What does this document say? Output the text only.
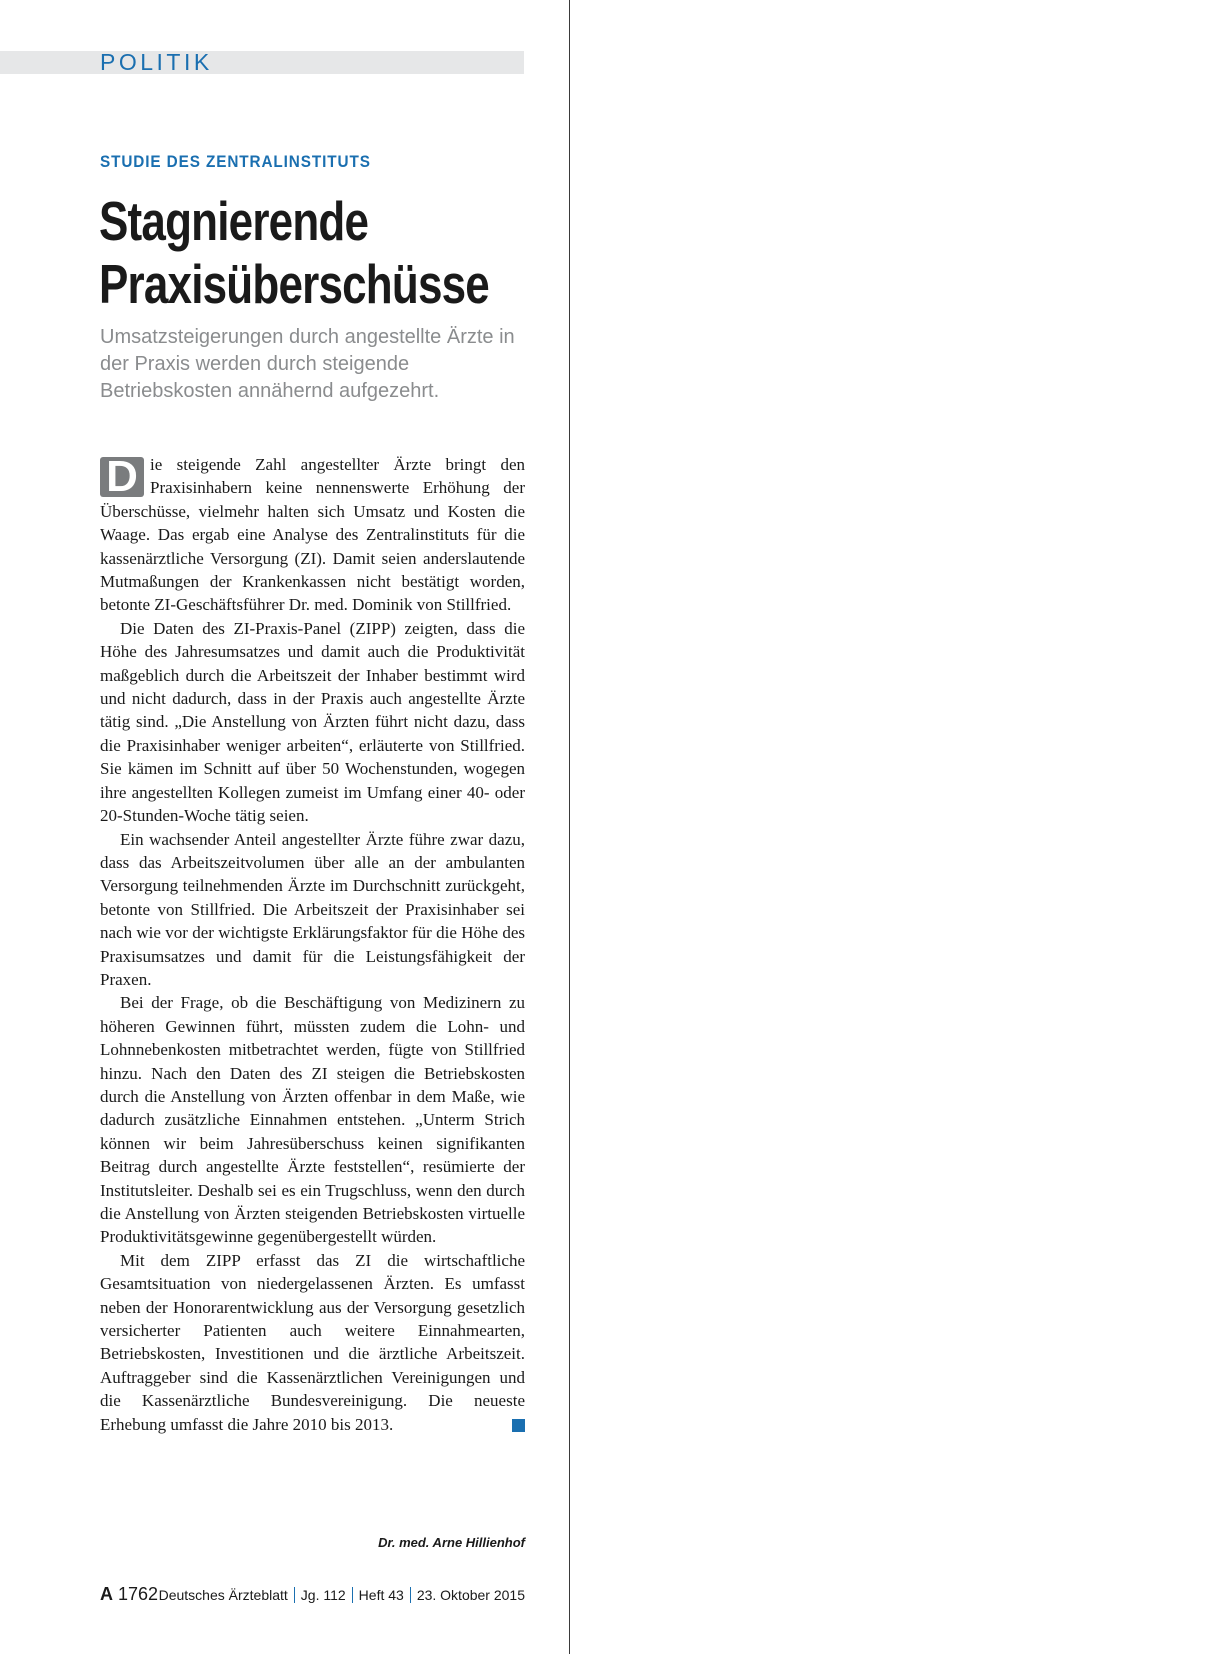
POLITIK
STUDIE DES ZENTRALINSTITUTS
Stagnierende
Praxisüberschüsse
Umsatzsteigerungen durch angestellte Ärzte in der Praxis werden durch steigende Betriebskosten annähernd aufgezehrt.

D ie steigende Zahl angestellter Ärzte bringt den Praxisinhabern keine nennenswerte Erhöhung der Überschüsse, vielmehr halten sich Umsatz und Kosten die Waage. Das ergab eine Analyse des Zentralinstituts für die kassenärztliche Versorgung (ZI). Damit seien anderslautende Mutmaßungen der Krankenkassen nicht bestätigt worden, betonte ZI-Geschäftsführer Dr. med. Dominik von Stillfried.

Die Daten des ZI-Praxis-Panel (ZIPP) zeigten, dass die Höhe des Jahresumsatzes und damit auch die Produktivität maßgeblich durch die Arbeitszeit der Inhaber bestimmt wird und nicht dadurch, dass in der Praxis auch angestellte Ärzte tätig sind. „Die Anstellung von Ärzten führt nicht dazu, dass die Praxisinhaber weniger arbeiten“, erläuterte von Stillfried. Sie kämen im Schnitt auf über 50 Wochenstunden, wogegen ihre angestellten Kollegen zumeist im Umfang einer 40- oder 20-Stunden-Woche tätig seien.

Ein wachsender Anteil angestellter Ärzte führe zwar dazu, dass das Arbeitszeitvolumen über alle an der ambulanten Versorgung teilnehmenden Ärzte im Durchschnitt zurückgeht, betonte von Stillfried. Die Arbeitszeit der Praxisinhaber sei nach wie vor der wichtigste Erklärungsfaktor für die Höhe des Praxisumsatzes und damit für die Leistungsfähigkeit der Praxen.

Bei der Frage, ob die Beschäftigung von Medizinern zu höheren Gewinnen führt, müssten zudem die Lohn- und Lohnnebenkosten mitbetrachtet werden, fügte von Stillfried hinzu. Nach den Daten des ZI steigen die Betriebskosten durch die Anstellung von Ärzten offenbar in dem Maße, wie dadurch zusätzliche Einnahmen entstehen. „Unterm Strich können wir beim Jahresüberschuss keinen signifikanten Beitrag durch angestellte Ärzte feststellen“, resümierte der Institutsleiter. Deshalb sei es ein Trugschluss, wenn den durch die Anstellung von Ärzten steigenden Betriebskosten virtuelle Produktivitätsgewinne gegenübergestellt würden.

Mit dem ZIPP erfasst das ZI die wirtschaftliche Gesamtsituation von niedergelassenen Ärzten. Es umfasst neben der Honorarentwicklung aus der Versorgung gesetzlich versicherter Patienten auch weitere Einnahmearten, Betriebskosten, Investitionen und die ärztliche Arbeitszeit. Auftraggeber sind die Kassenärztlichen Vereinigungen und die Kassenärztliche Bundesvereinigung. Die neueste Erhebung umfasst die Jahre 2010 bis 2013.

Dr. med. Arne Hillienhof
A 1762 Deutsches Ärzteblatt Jg. 112 Heft 43 23. Oktober 2015
